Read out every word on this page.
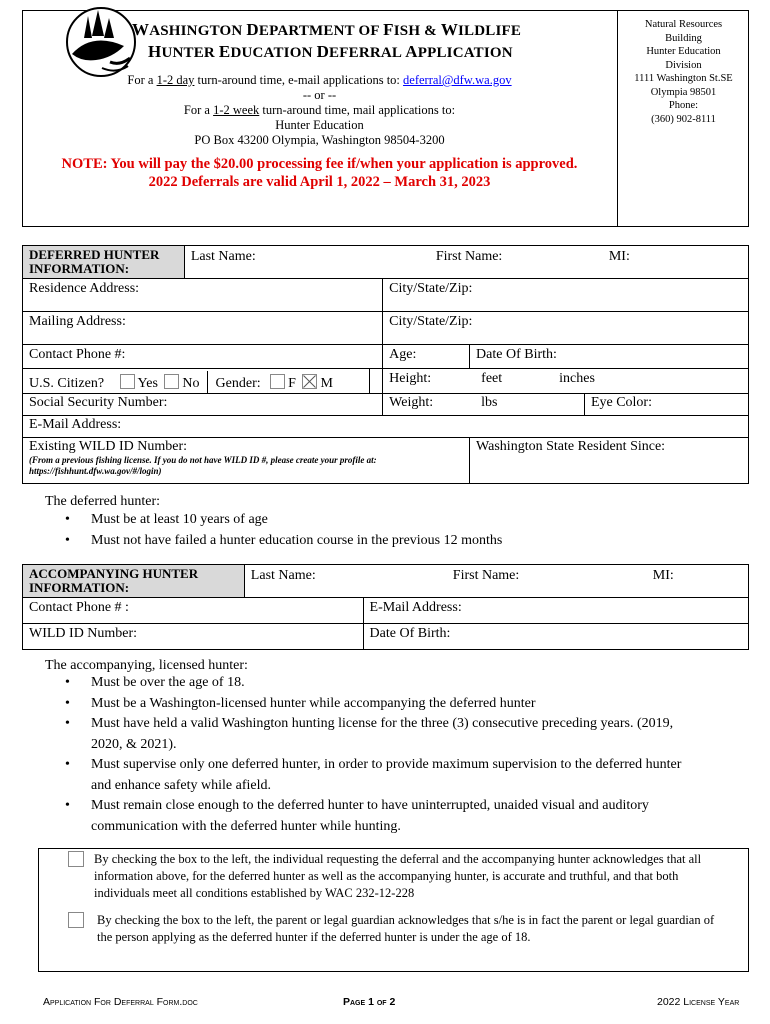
WASHINGTON DEPARTMENT OF FISH & WILDLIFE
HUNTER EDUCATION DEFERRAL APPLICATION
For a 1-2 day turn-around time, e-mail applications to: deferral@dfw.wa.gov
-- or --
For a 1-2 week turn-around time, mail applications to:
Hunter Education
PO Box 43200 Olympia, Washington 98504-3200
NOTE: You will pay the $20.00 processing fee if/when your application is approved.
2022 Deferrals are valid April 1, 2022 – March 31, 2023
Natural Resources
Building
Hunter Education
Division
1111 Washington St.SE
Olympia 98501
Phone:
(360) 902-8111
DEFERRED HUNTER INFORMATION:	Last Name: First Name: MI:				

Residence Address:			City/State/Zip:		
Mailing Address:			City/State/Zip:		
Contact Phone #:			Age:	Date Of Birth:	
U.S. Citizen? Yes No Gender: F M			Height: feet inches		

Social Security Number:			Weight: lbs		Eye Color:
E-Mail Address:					

Existing WILD ID Number:
(From a previous fishing license. If you do not have WILD ID #, please create your profile at: https://fishhunt.dfw.wa.gov/#/login)				Washington State Resident Since:	
The deferred hunter:
• Must be at least 10 years of age
• Must not have failed a hunter education course in the previous 12 months
ACCOMPANYING HUNTER INFORMATION:	Last Name: First Name: MI:	

Contact Phone # :		E-Mail Address:
WILD ID Number:		Date Of Birth:
The accompanying, licensed hunter:
• Must be over the age of 18.
• Must be a Washington-licensed hunter while accompanying the deferred hunter
• Must have held a valid Washington hunting license for the three (3) consecutive preceding years. (2019, 2020, & 2021).
• Must supervise only one deferred hunter, in order to provide maximum supervision to the deferred hunter and enhance safety while afield.
• Must remain close enough to the deferred hunter to have uninterrupted, unaided visual and auditory communication with the deferred hunter while hunting.
By checking the box to the left, the individual requesting the deferral and the accompanying hunter acknowledges that all information above, for the deferred hunter as well as the accompanying hunter, is accurate and truthful, and that both individuals meet all conditions established by WAC 232-12-228
By checking the box to the left, the parent or legal guardian acknowledges that s/he is in fact the parent or legal guardian of the person applying as the deferred hunter if the deferred hunter is under the age of 18.
Application For Deferral Form.doc	Page 1 of 2	2022 License Year
